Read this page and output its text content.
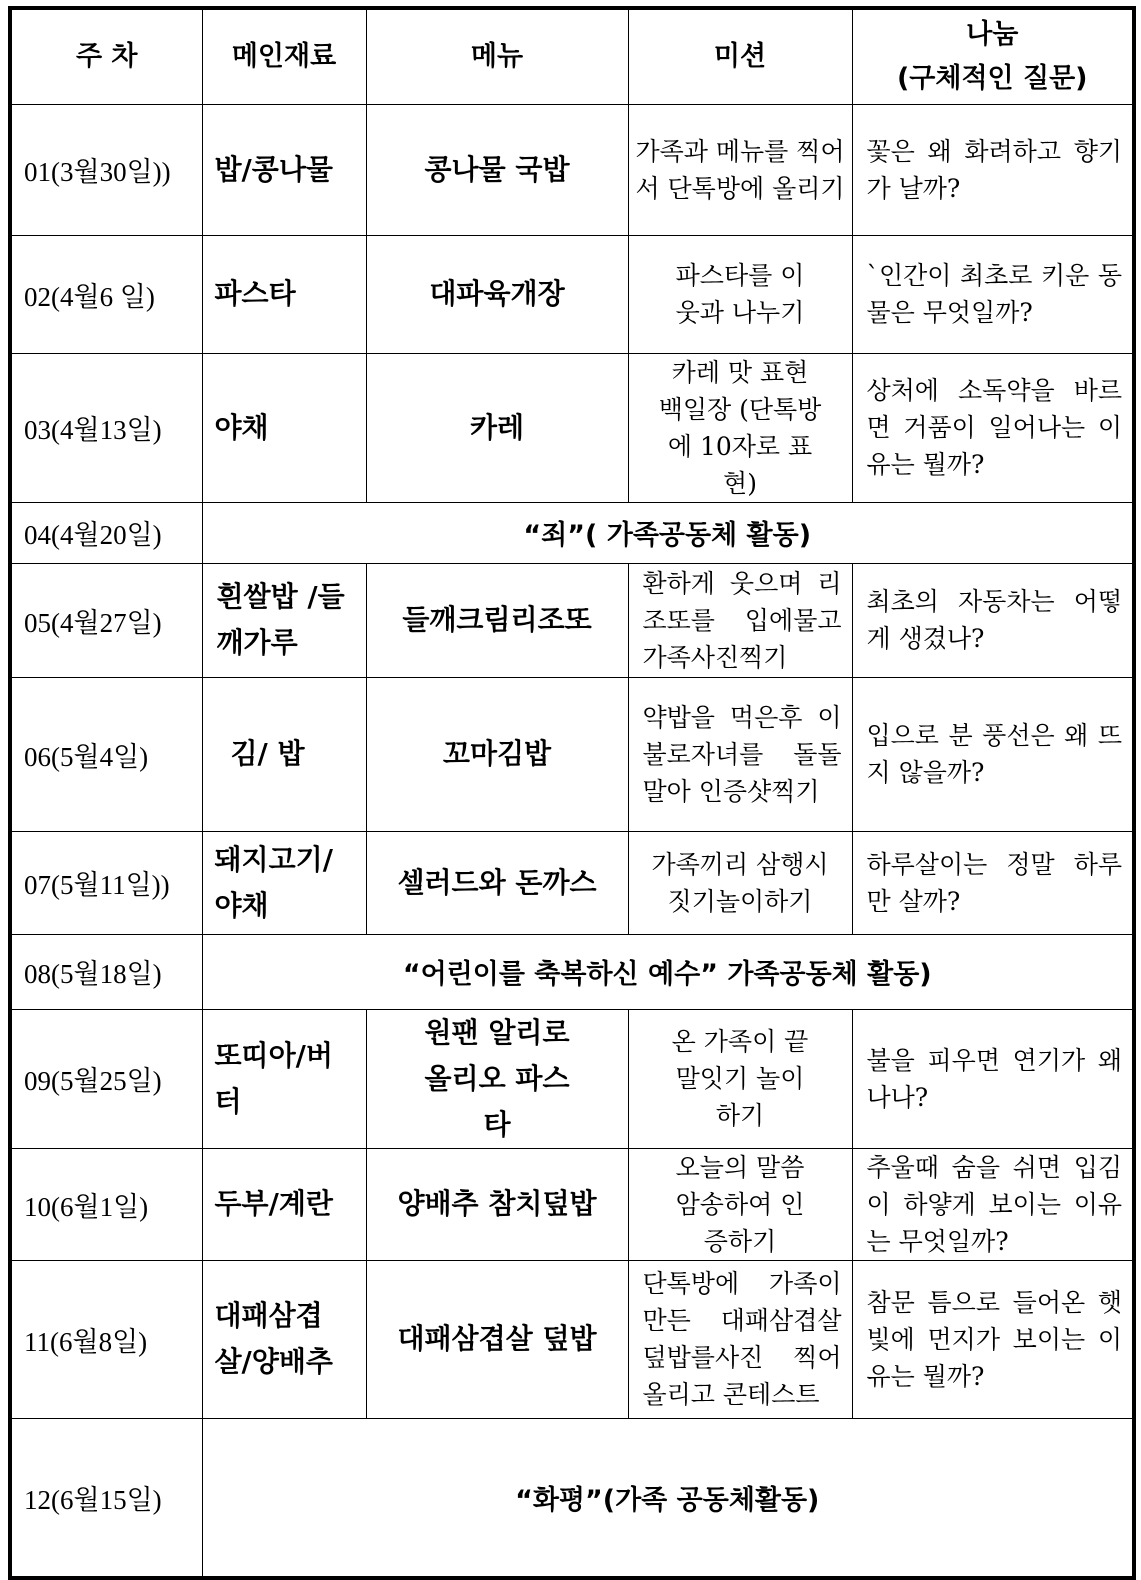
주 차	메인재료	메뉴	미션	나눔
(구체적인 질문)

01(3월30일))	밥/콩나물	콩나물 국밥	가족과 메뉴를 찍어서 단톡방에 올리기	꽃은 왜 화려하고 향기가 날까?
02(4월6 일)	파스타	대파육개장	파스타를 이웃과 나누기	`인간이 최초로 키운 동물은 무엇일까?
03(4월13일)	야채	카레	카레 맛 표현 백일장 (단톡방에 10자로 표현)	상처에 소독약을 바르면 거품이 일어나는 이유는 뭘까?
04(4월20일)	“죄”( 가족공동체 활동)			
05(4월27일)	흰쌀밥 /들깨가루	들깨크림리조또	환하게 웃으며 리조또를 입에물고 가족사진찍기	최초의 자동차는 어떻게 생겼나?
06(5월4일)	김/ 밥	꼬마김밥	약밥을 먹은후 이불로자녀를 돌돌말아 인증샷찍기	입으로 분 풍선은 왜 뜨지 않을까?
07(5월11일))	돼지고기/ 야채	셀러드와 돈까스	가족끼리 삼행시 짓기놀이하기	하루살이는 정말 하루만 살까?
08(5월18일)	“어린이를 축복하신 예수” 가족공동체 활동)			
09(5월25일)	또띠아/버터	원팬 알리로올리오 파스타	온 가족이 끝말잇기 놀이하기	불을 피우면 연기가 왜 나나?
10(6월1일)	두부/계란	양배추 참치덮밥	오늘의 말씀 암송하여 인증하기	추울때 숨을 쉬면 입김이 하얗게 보이는 이유는 무엇일까?
11(6월8일)	대패삼겹살/양배추	대패삼겹살 덮밥	단톡방에 가족이 만든 대패삼겹살 덮밥를사진 찍어 올리고 콘테스트	참문 틈으로 들어온 햇빛에 먼지가 보이는 이유는 뭘까?
12(6월15일)	“화평”(가족 공동체활동)			
